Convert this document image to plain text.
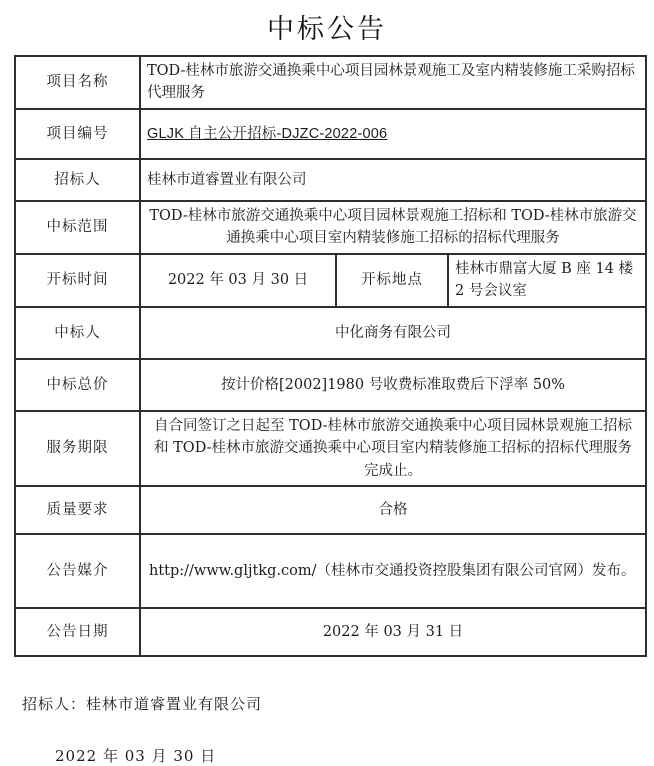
中标公告
项目名称	TOD-桂林市旅游交通换乘中心项目园林景观施工及室内精装修施工采购招标代理服务		
项目编号	GLJK 自主公开招标-DJZC-2022-006		
招标人	桂林市道睿置业有限公司		
中标范围	TOD-桂林市旅游交通换乘中心项目园林景观施工招标和 TOD-桂林市旅游交通换乘中心项目室内精装修施工招标的招标代理服务		
开标时间	2022 年 03 月 30 日	开标地点	桂林市鼎富大厦 B 座 14 楼 2 号会议室
中标人	中化商务有限公司		
中标总价	按计价格[2002]1980 号收费标准取费后下浮率 50%		
服务期限	自合同签订之日起至 TOD-桂林市旅游交通换乘中心项目园林景观施工招标和 TOD-桂林市旅游交通换乘中心项目室内精装修施工招标的招标代理服务完成止。		
质量要求	合格		
公告媒介	http://www.gljtkg.com/（桂林市交通投资控股集团有限公司官网）发布。		
公告日期	2022 年 03 月 31 日		
招标人：桂林市道睿置业有限公司
2022 年 03 月 30 日
